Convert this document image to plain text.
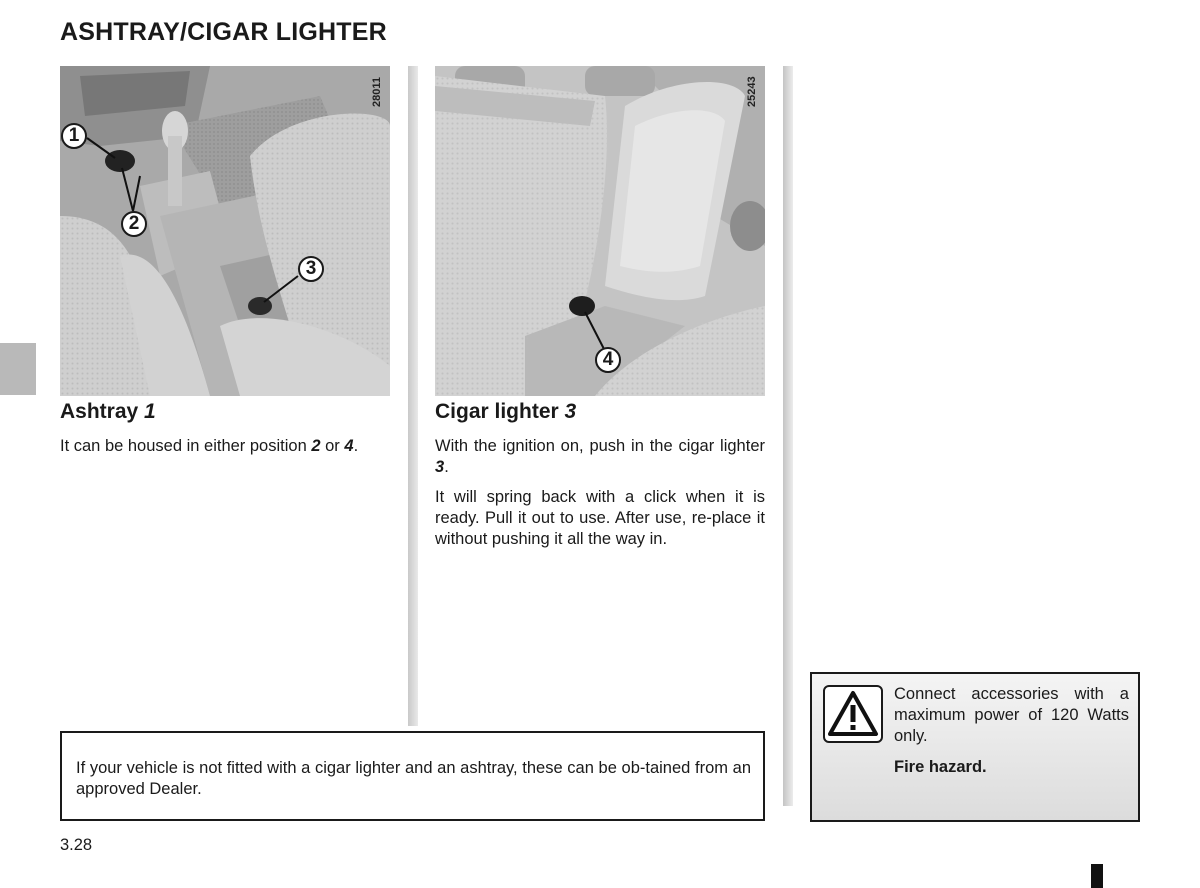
ASHTRAY/CIGAR LIGHTER
28011
1
2
3
25243
4
Ashtray 1
It can be housed in either position 2 or 4.
Cigar lighter 3
With the ignition on, push in the cigar lighter 3.
It will spring back with a click when it is ready. Pull it out to use. After use, re-place it without pushing it all the way in.
If your vehicle is not fitted with a cigar lighter and an ashtray, these can be ob-tained from an approved Dealer.
Connect accessories with a maximum power of 120 Watts only.
Fire hazard.
3.28
